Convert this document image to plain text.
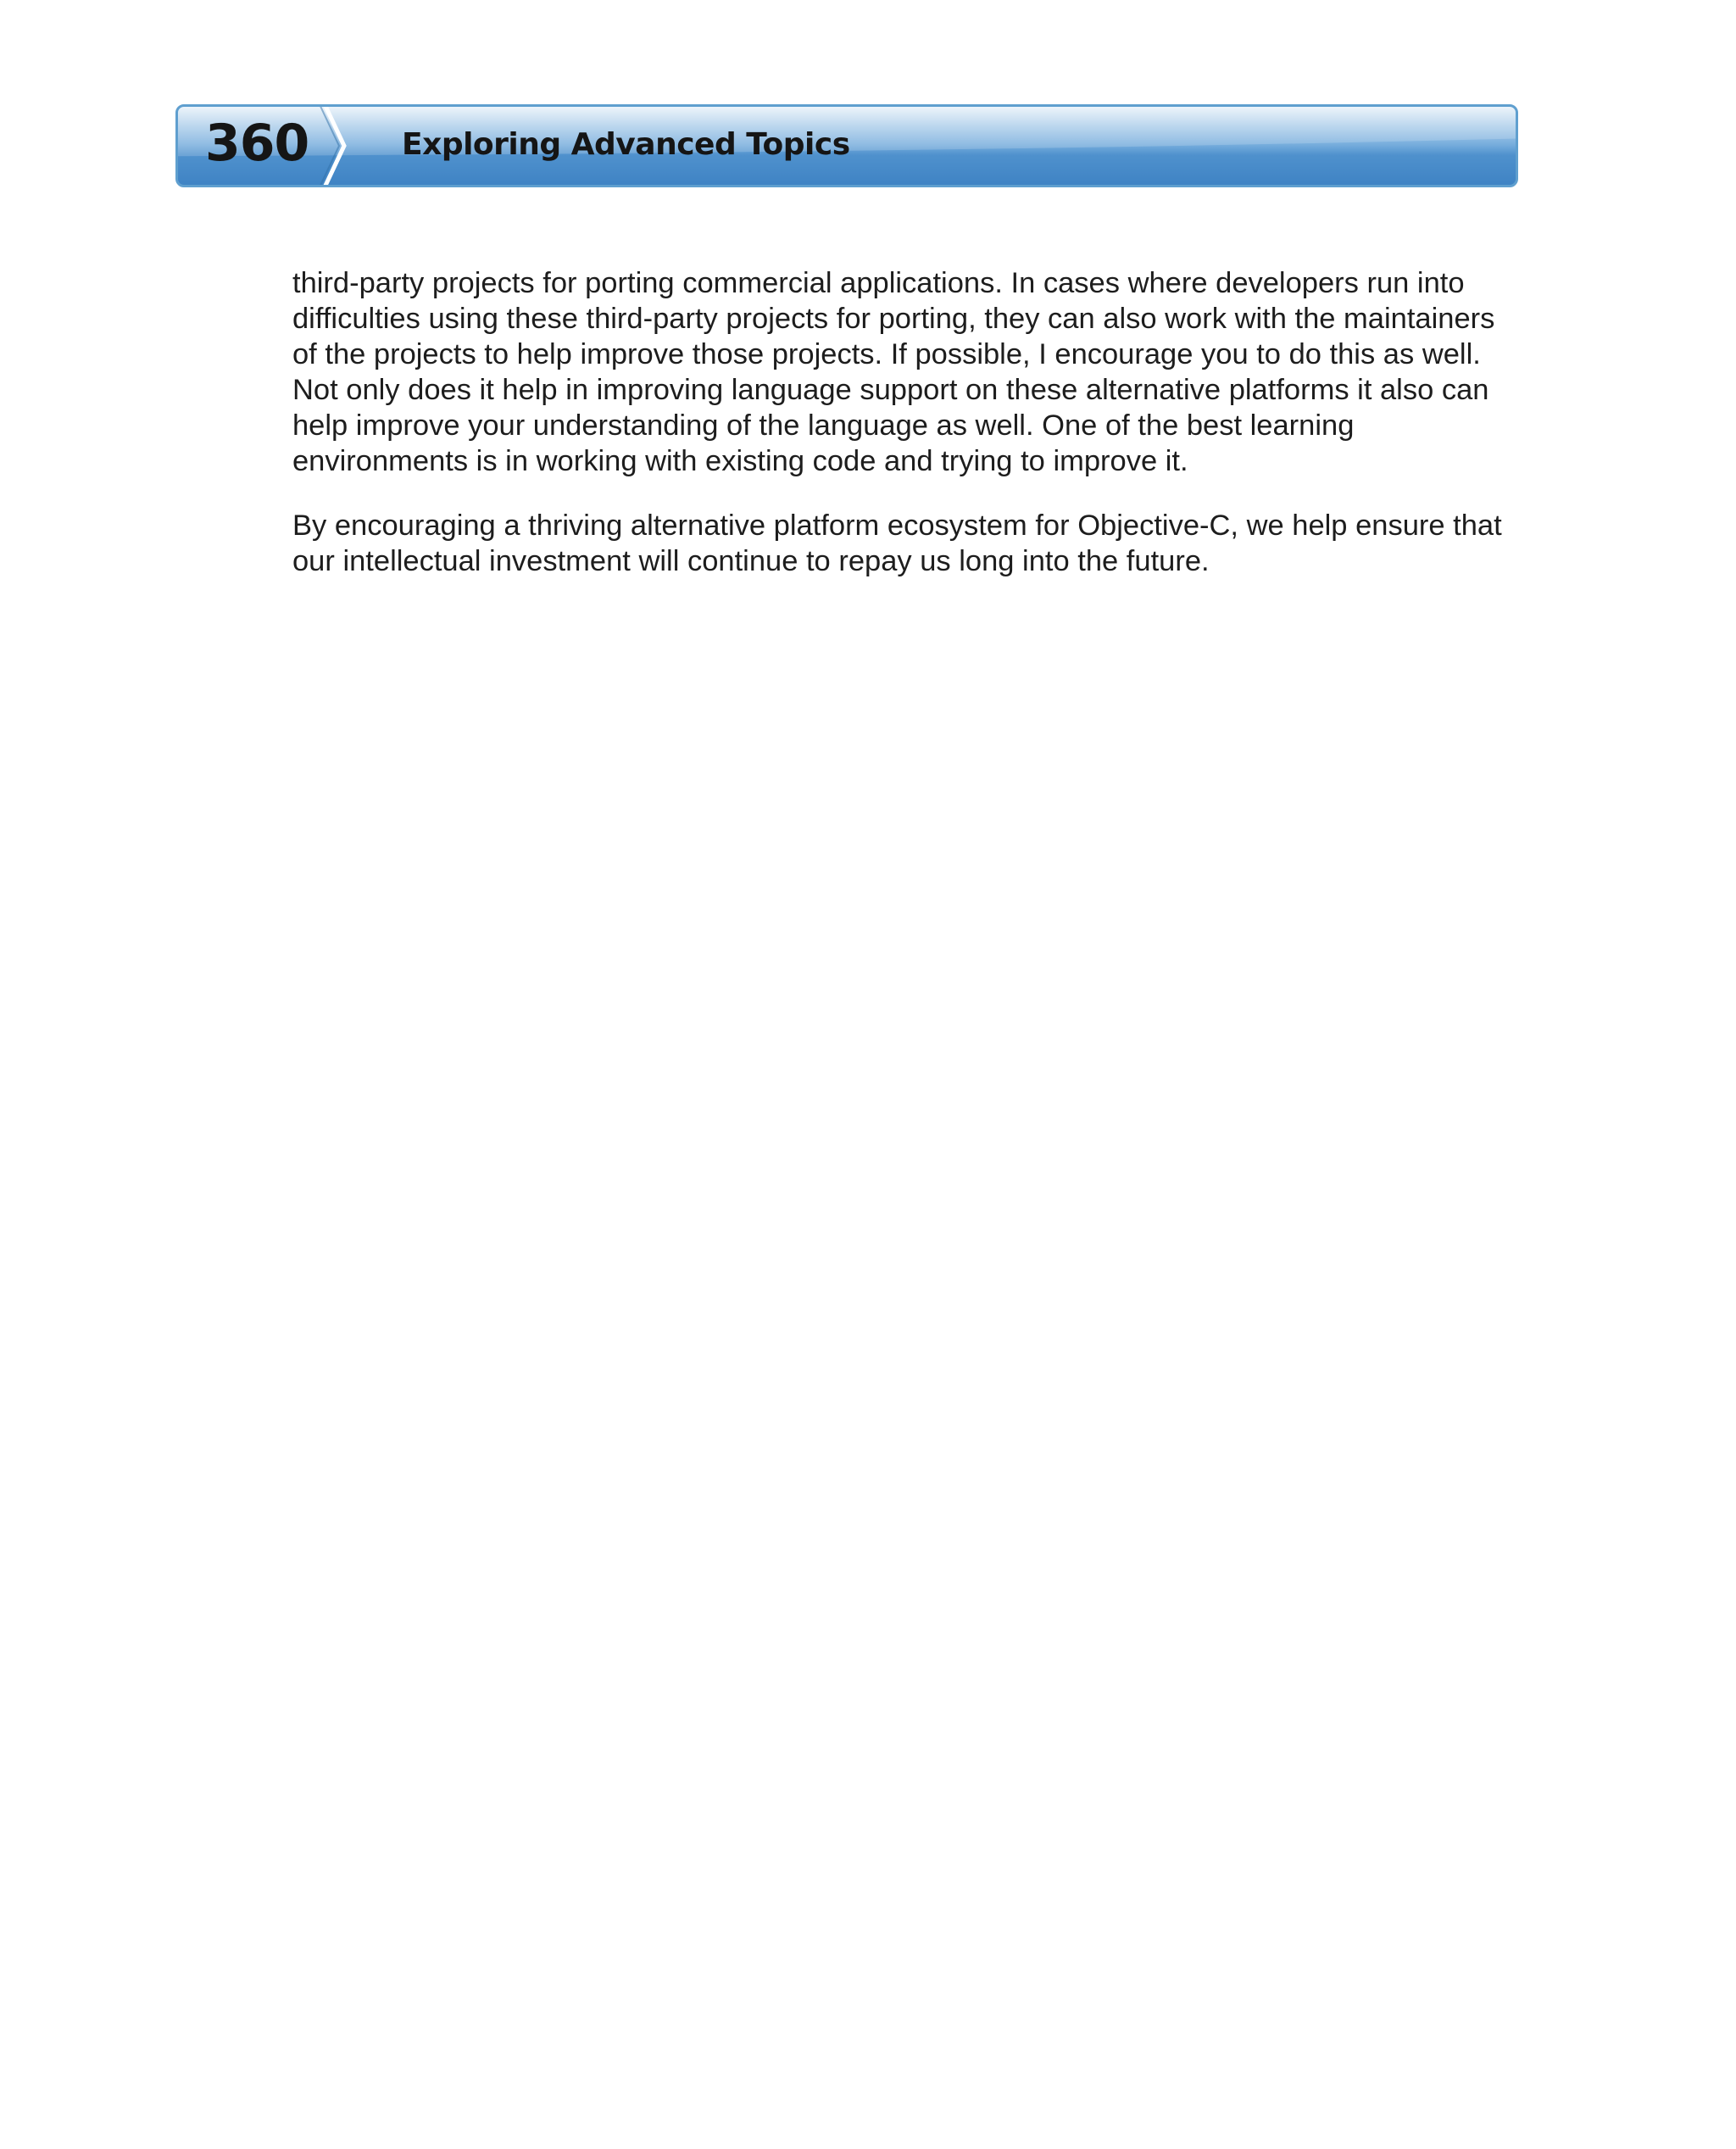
360	Exploring Advanced Topics

third-party projects for porting commercial applications. In cases where developers run into difficulties using these third-party projects for porting, they can also work with the maintainers of the projects to help improve those projects. If possible, I encourage you to do this as well. Not only does it help in improving language support on these alternative platforms it also can help improve your understanding of the language as well. One of the best learning environments is in working with existing code and trying to improve it.

By encouraging a thriving alternative platform ecosystem for Objective-C, we help ensure that our intellectual investment will continue to repay us long into the future.
